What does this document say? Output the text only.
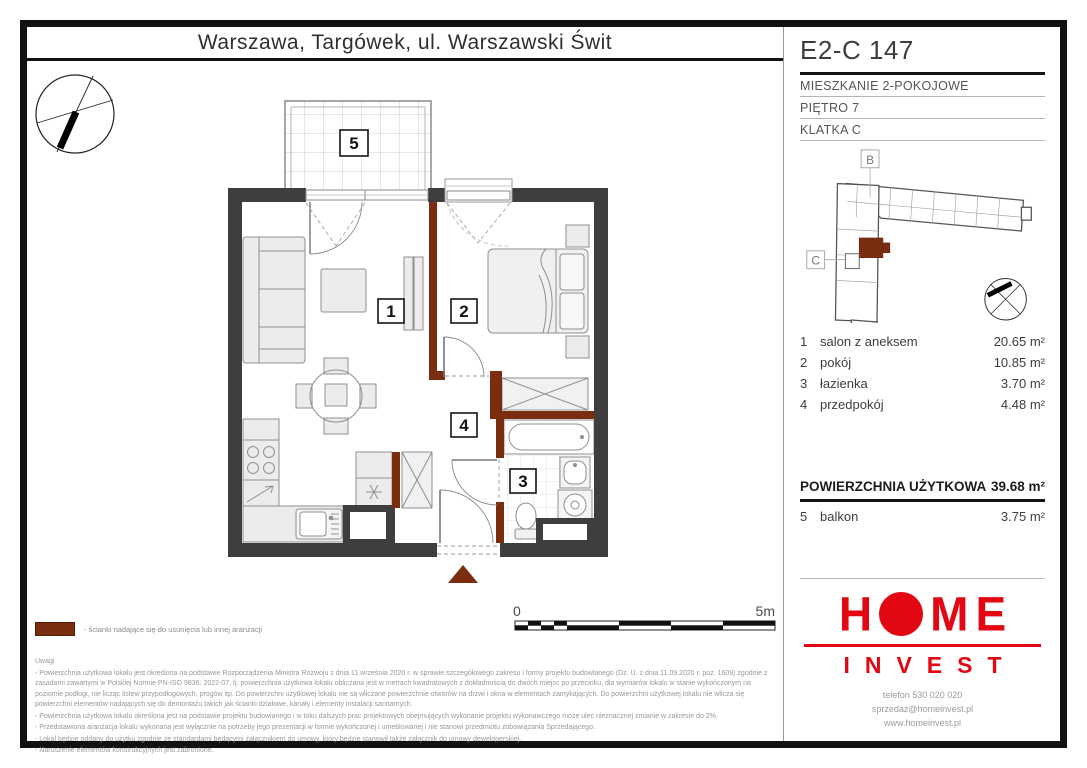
Warszawa, Targówek, ul. Warszawski Świt
5
1	2
4
3
0	5m
- ścianki nadające się do usunięcia lub innej aranżacji
Uwagi
- Powierzchnia użytkowa lokalu jest określona na podstawie Rozporządzenia Ministra Rozwoju z dnia 11 września 2020 r. w sprawie szczegółowego zakresu i formy projektu budowlanego (Dz. U. z dnia 11.09.2020 r. poz. 1609) zgodnie z zasadami zawartymi w Polskiej Normie PN-ISO 9836: 2022-07, tj. powierzchnia użytkowa lokalu obliczana jest w metrach kwadratowych z dokładnością do dwóch miejsc po przecinku, dla wymiarów lokalu w stanie wykończonym na poziomie podłogi, nie licząc listew przypodłogowych, progów itp. Do powierzchni użytkowej lokalu nie są wliczane powierzchnie otworów na drzwi i okna w elementach zamykających. Do powierzchni użytkowej lokalu nie wlicza się powierzchni elementów nadających się do demontażu takich jak ścianki działowe, kanały i elementy instalacji sanitarnych.
- Powierzchnia użytkowa lokalu określona jest na podstawie projektu budowlanego i w toku dalszych prac projektowych obejmujących wykonanie projektu wykonawczego może ulec nieznacznej zmianie w zakresie do 2%.
- Przedstawiona aranżacja lokalu wykonana jest wyłącznie na potrzeby jego prezentacji w formie wykończonej i umeblowanej i nie stanowi przedmiotu zobowiązania Sprzedającego.
- Lokal będzie oddany do użytku zgodnie ze standardami będącymi załącznikiem do umowy, który będzie stanowił także załącznik do umowy deweloperskiej.
- Naruszenie elementów konstrukcyjnych jest zabronione.
E2-C 147
MIESZKANIE 2-POKOJOWE
PIĘTRO 7
KLATKA C
B
C
1 salon z aneksem	20.65 m²
2 pokój	10.85 m²
3 łazienka	3.70 m²
4 przedpokój	4.48 m²
POWIERZCHNIA UŻYTKOWA 39.68 m²
5 balkon	3.75 m²
H M E
INVEST
telefon 530 020 020
sprzedaz@homeinvest.pl
www.homeinvest.pl
